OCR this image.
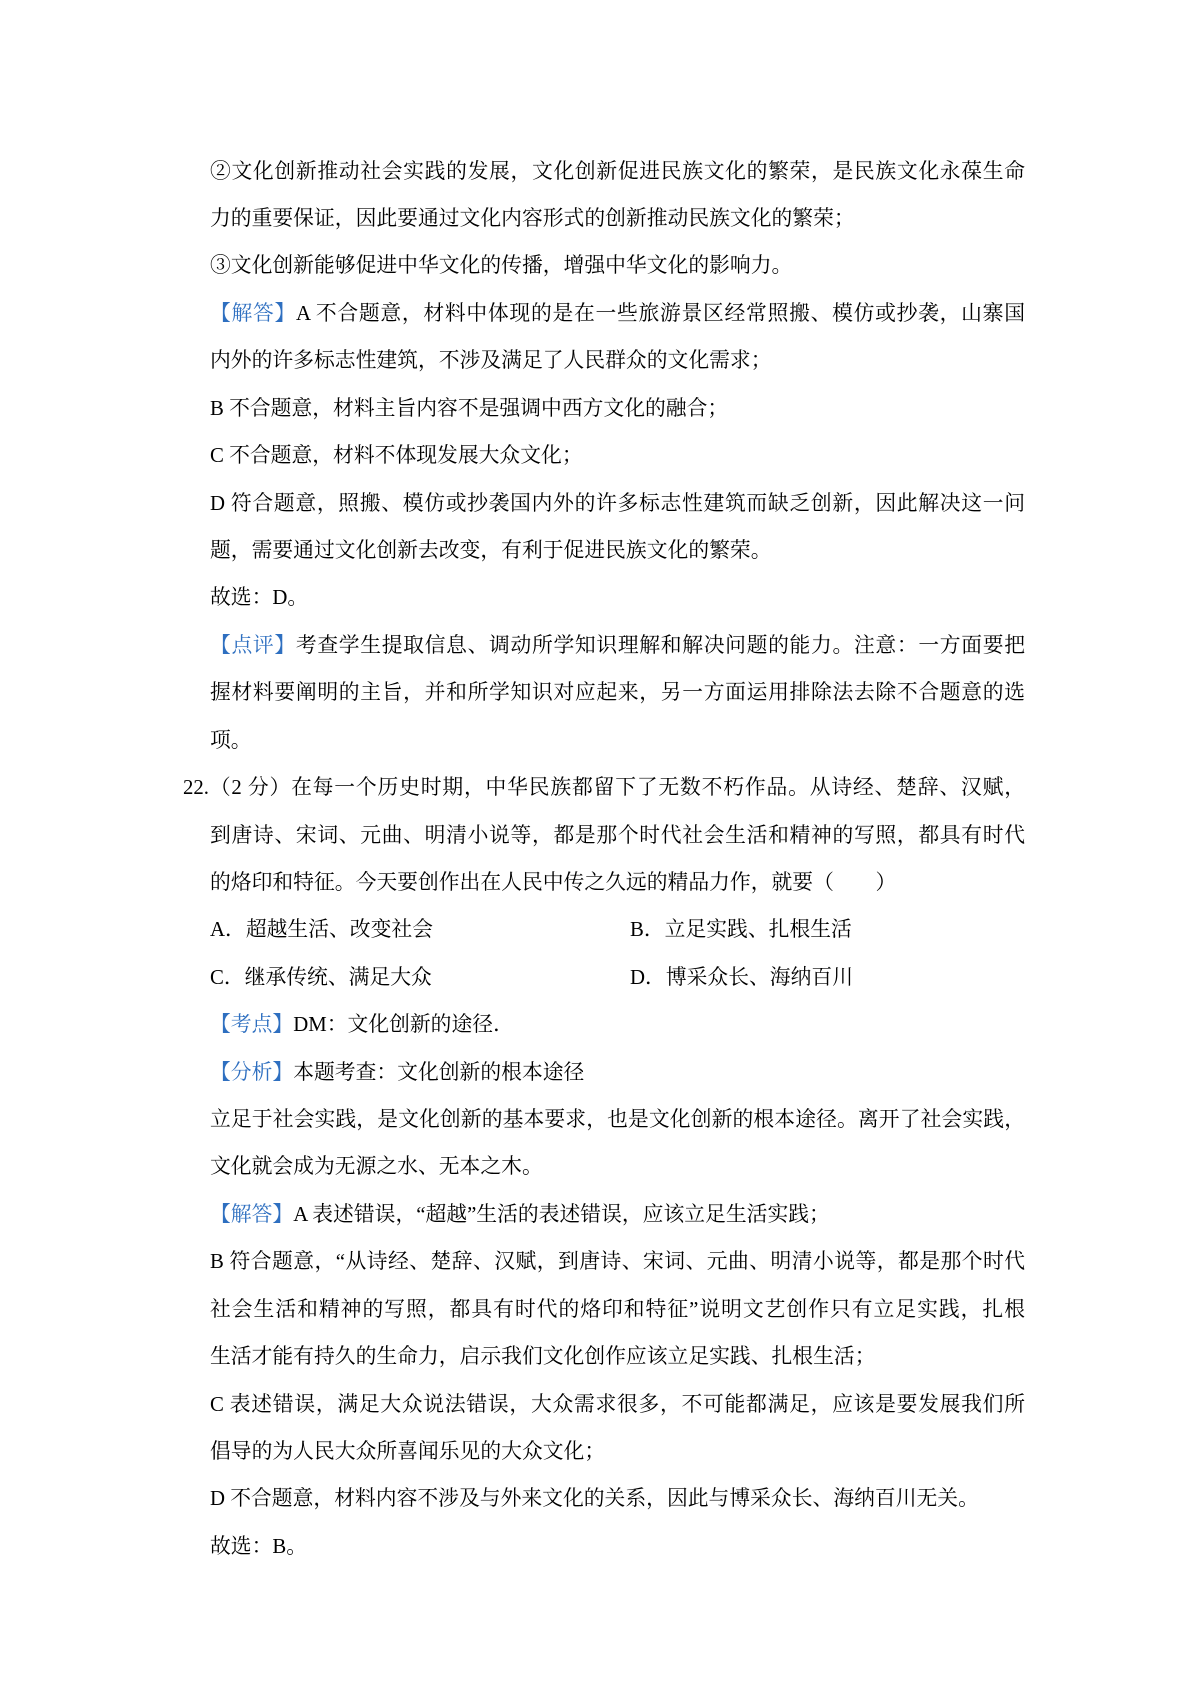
②文化创新推动社会实践的发展，文化创新促进民族文化的繁荣，是民族文化永葆生命
力的重要保证，因此要通过文化内容形式的创新推动民族文化的繁荣；
③文化创新能够促进中华文化的传播，增强中华文化的影响力。
【解答】A 不合题意，材料中体现的是在一些旅游景区经常照搬、模仿或抄袭，山寨国
内外的许多标志性建筑，不涉及满足了人民群众的文化需求；
B 不合题意，材料主旨内容不是强调中西方文化的融合；
C 不合题意，材料不体现发展大众文化；
D 符合题意，照搬、模仿或抄袭国内外的许多标志性建筑而缺乏创新，因此解决这一问
题，需要通过文化创新去改变，有利于促进民族文化的繁荣。
故选：D。
【点评】考查学生提取信息、调动所学知识理解和解决问题的能力。注意：一方面要把
握材料要阐明的主旨，并和所学知识对应起来，另一方面运用排除法去除不合题意的选
项。
22.（2 分）在每一个历史时期，中华民族都留下了无数不朽作品。从诗经、楚辞、汉赋，
到唐诗、宋词、元曲、明清小说等，都是那个时代社会生活和精神的写照，都具有时代
的烙印和特征。今天要创作出在人民中传之久远的精品力作，就要（　　）
A．超越生活、改变社会	B．立足实践、扎根生活
C．继承传统、满足大众	D．博采众长、海纳百川
【考点】DM：文化创新的途径．
【分析】本题考查：文化创新的根本途径
立足于社会实践，是文化创新的基本要求，也是文化创新的根本途径。离开了社会实践，
文化就会成为无源之水、无本之木。
【解答】A 表述错误，“超越”生活的表述错误，应该立足生活实践；
B 符合题意，“从诗经、楚辞、汉赋，到唐诗、宋词、元曲、明清小说等，都是那个时代
社会生活和精神的写照，都具有时代的烙印和特征”说明文艺创作只有立足实践，扎根
生活才能有持久的生命力，启示我们文化创作应该立足实践、扎根生活；
C 表述错误，满足大众说法错误，大众需求很多，不可能都满足，应该是要发展我们所
倡导的为人民大众所喜闻乐见的大众文化；
D 不合题意，材料内容不涉及与外来文化的关系，因此与博采众长、海纳百川无关。
故选：B。
